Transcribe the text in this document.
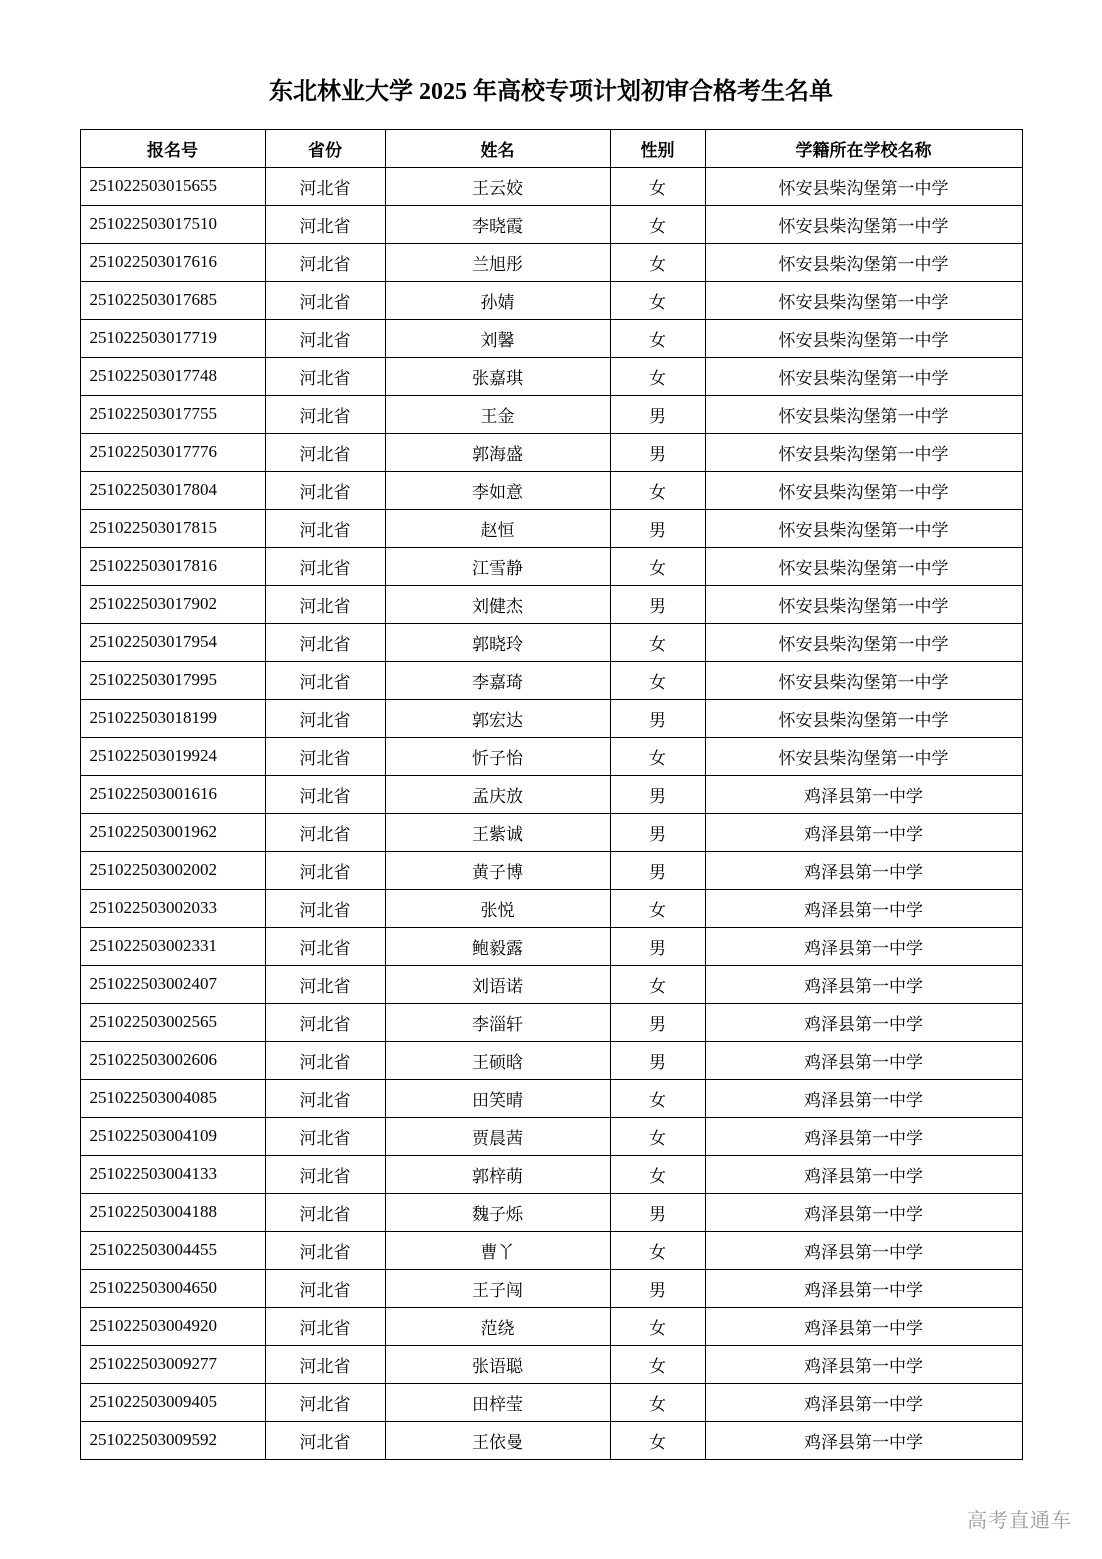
东北林业大学 2025 年高校专项计划初审合格考生名单
报名号	省份	姓名	性别	学籍所在学校名称
251022503015655	河北省	王云姣	女	怀安县柴沟堡第一中学
251022503017510	河北省	李晓霞	女	怀安县柴沟堡第一中学
251022503017616	河北省	兰旭彤	女	怀安县柴沟堡第一中学
251022503017685	河北省	孙婧	女	怀安县柴沟堡第一中学
251022503017719	河北省	刘馨	女	怀安县柴沟堡第一中学
251022503017748	河北省	张嘉琪	女	怀安县柴沟堡第一中学
251022503017755	河北省	王金	男	怀安县柴沟堡第一中学
251022503017776	河北省	郭海盛	男	怀安县柴沟堡第一中学
251022503017804	河北省	李如意	女	怀安县柴沟堡第一中学
251022503017815	河北省	赵恒	男	怀安县柴沟堡第一中学
251022503017816	河北省	江雪静	女	怀安县柴沟堡第一中学
251022503017902	河北省	刘健杰	男	怀安县柴沟堡第一中学
251022503017954	河北省	郭晓玲	女	怀安县柴沟堡第一中学
251022503017995	河北省	李嘉琦	女	怀安县柴沟堡第一中学
251022503018199	河北省	郭宏达	男	怀安县柴沟堡第一中学
251022503019924	河北省	忻子怡	女	怀安县柴沟堡第一中学
251022503001616	河北省	孟庆放	男	鸡泽县第一中学
251022503001962	河北省	王紫诚	男	鸡泽县第一中学
251022503002002	河北省	黄子博	男	鸡泽县第一中学
251022503002033	河北省	张悦	女	鸡泽县第一中学
251022503002331	河北省	鲍毅露	男	鸡泽县第一中学
251022503002407	河北省	刘语诺	女	鸡泽县第一中学
251022503002565	河北省	李淄轩	男	鸡泽县第一中学
251022503002606	河北省	王硕晗	男	鸡泽县第一中学
251022503004085	河北省	田笑晴	女	鸡泽县第一中学
251022503004109	河北省	贾晨茜	女	鸡泽县第一中学
251022503004133	河北省	郭梓萌	女	鸡泽县第一中学
251022503004188	河北省	魏子烁	男	鸡泽县第一中学
251022503004455	河北省	曹丫	女	鸡泽县第一中学
251022503004650	河北省	王子闯	男	鸡泽县第一中学
251022503004920	河北省	范绕	女	鸡泽县第一中学
251022503009277	河北省	张语聪	女	鸡泽县第一中学
251022503009405	河北省	田梓莹	女	鸡泽县第一中学
251022503009592	河北省	王依曼	女	鸡泽县第一中学
高考直通车
